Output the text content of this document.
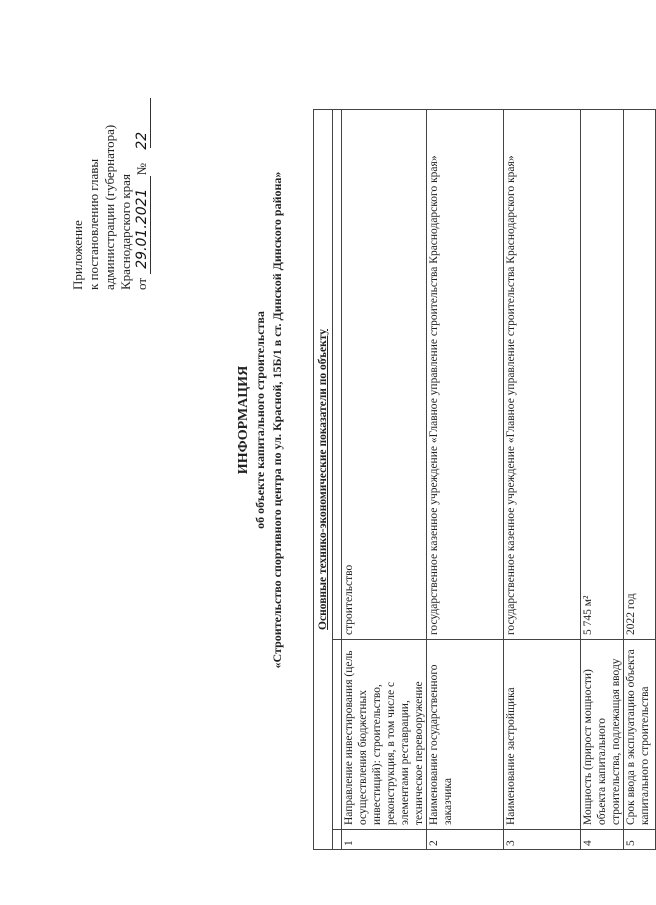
Приложение к постановлению главы администрации (губернатора) Краснодарского края от 29.01.2021 № 22
ИНФОРМАЦИЯ об объекте капитального строительства «Строительство спортивного центра по ул. Красной, 15Б/1 в ст. Динской Динского района»	Основные технико-экономические показатели по объекту		

1	Направление инвестирования (цель осуществления бюджетных инвестиций): строительство, реконструкция, в том числе с элементами реставрации, техническое перевооружение	строительство
2	Наименование государственного заказчика	государственное казенное учреждение «Главное управление строительства Краснодарского края»
3	Наименование застройщика	государственное казенное учреждение «Главное управление строительства Краснодарского края»
4	Мощность (прирост мощности) объекта капитального строительства, подлежащая вводу	5 745 м²
5	Срок ввода в эксплуатацию объекта капитального строительства	2022 год
